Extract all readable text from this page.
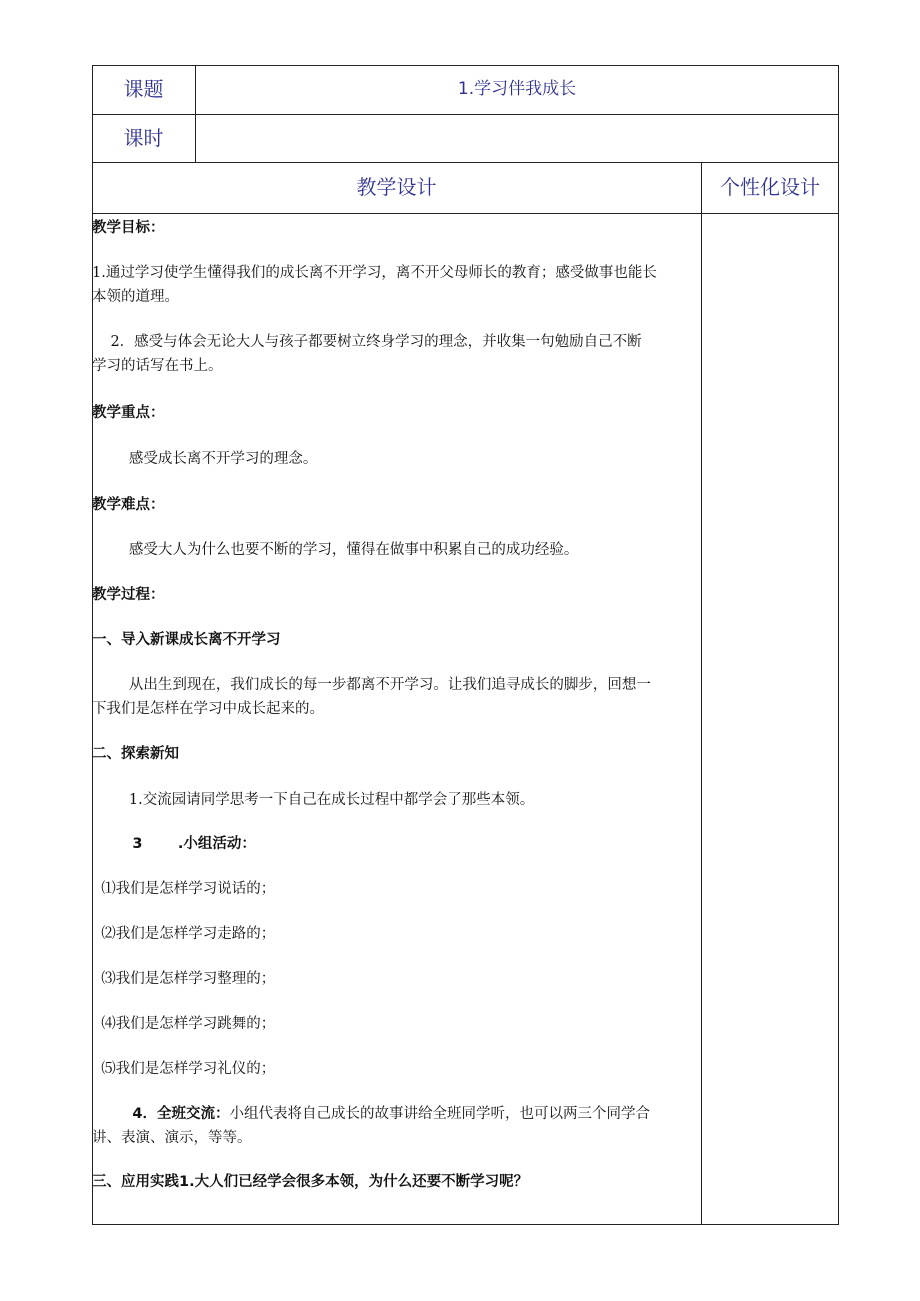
课题	1.学习伴我成长
课时
教学设计	个性化设计
教学目标：
1.通过学习使学生懂得我们的成长离不开学习，离不开父母师长的教育；感受做事也能长
本领的道理。
2．感受与体会无论大人与孩子都要树立终身学习的理念，并收集一句勉励自己不断
学习的话写在书上。
教学重点：
感受成长离不开学习的理念。
教学难点：
感受大人为什么也要不断的学习，懂得在做事中积累自己的成功经验。
教学过程：
一、导入新课成长离不开学习
从出生到现在，我们成长的每一步都离不开学习。让我们追寻成长的脚步，回想一
下我们是怎样在学习中成长起来的。
二、探索新知
1.交流园请同学思考一下自己在成长过程中都学会了那些本领。
3       .小组活动：
⑴我们是怎样学习说话的；
⑵我们是怎样学习走路的；
⑶我们是怎样学习整理的；
⑷我们是怎样学习跳舞的；
⑸我们是怎样学习礼仪的；
4．全班交流：小组代表将自己成长的故事讲给全班同学听，也可以两三个同学合
讲、表演、演示，等等。
三、应用实践1.大人们已经学会很多本领，为什么还要不断学习呢？
